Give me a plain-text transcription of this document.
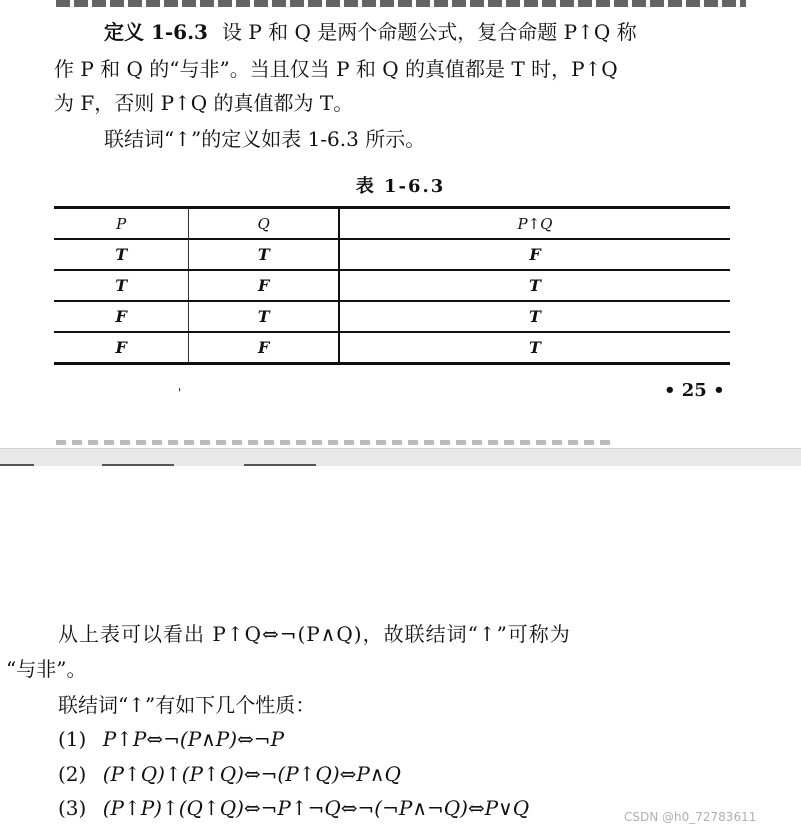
定义 1-6.3 设 P 和 Q 是两个命题公式，复合命题 P↑Q 称
作 P 和 Q 的“与非”。当且仅当 P 和 Q 的真值都是 T 时，P↑Q
为 F，否则 P↑Q 的真值都为 T。
联结词“↑”的定义如表 1-6.3 所示。
表 1-6.3
P	Q	P↑Q
T	T	F
T	F	T
F	T	T
F	F	T
'	• 25 •
从上表可以看出 P↑Q⇔¬(P∧Q)，故联结词“↑”可称为
“与非”。
联结词“↑”有如下几个性质：
(1) P↑P⇔¬(P∧P)⇔¬P
(2) (P↑Q)↑(P↑Q)⇔¬(P↑Q)⇔P∧Q
(3) (P↑P)↑(Q↑Q)⇔¬P↑¬Q⇔¬(¬P∧¬Q)⇔P∨Q	CSDN @h0_72783611
